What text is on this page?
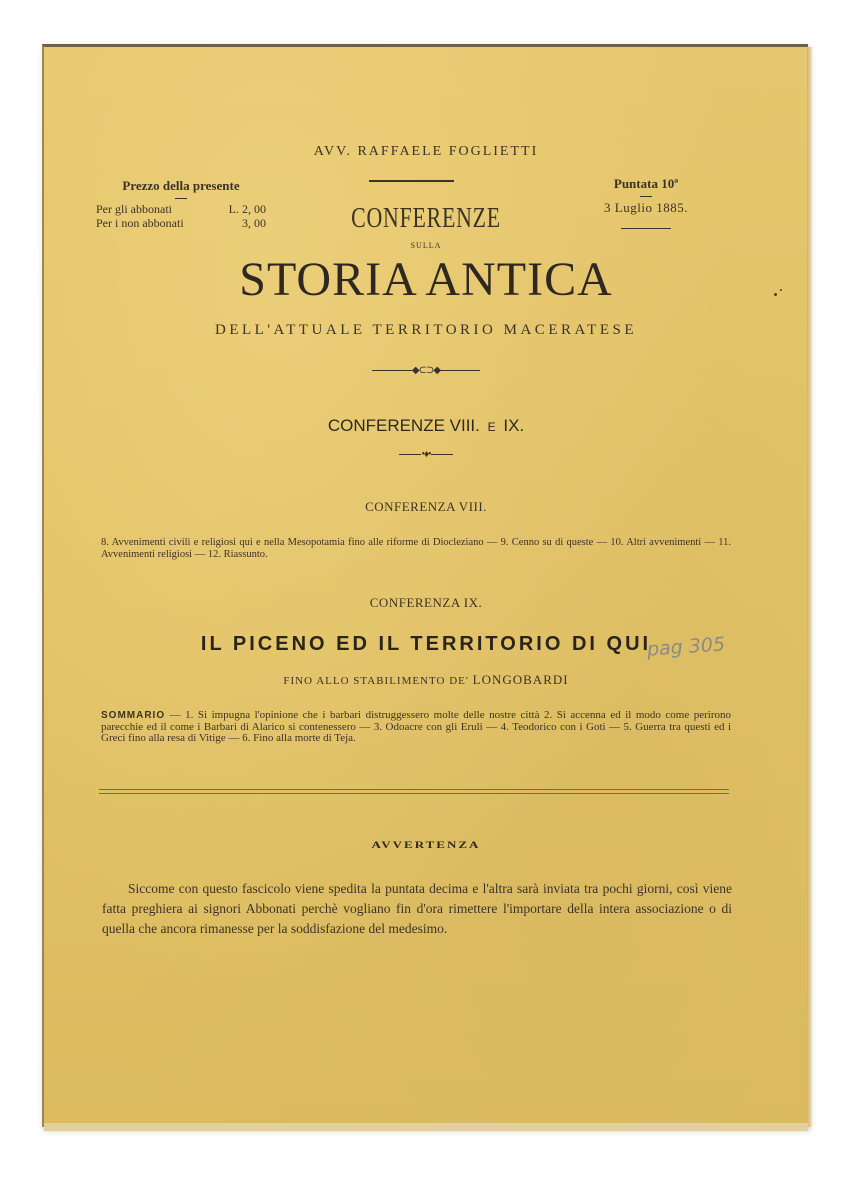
AVV. RAFFAELE FOGLIETTI
Prezzo della presente
Per gli abbonati	L. 2, 00
Per i non abbonati	3, 00
Puntata 10ª
3 Luglio 1885.
CONFERENZE
SULLA
STORIA ANTICA
DELL'ATTUALE TERRITORIO MACERATESE
◆⊂⊃◆
CONFERENZE VIII. E IX.
•♦•
CONFERENZA VIII.
8. Avvenimenti civili e religiosi qui e nella Mesopotamia fino alle riforme di Diocleziano — 9. Cenno su di queste — 10. Altri avvenimenti — 11. Avvenimenti religiosi — 12. Riassunto.
CONFERENZA IX.
IL PICENO ED IL TERRITORIO DI QUI
pag 305
FINO ALLO STABILIMENTO DE' LONGOBARDI
SOMMARIO — 1. Si impugna l'opinione che i barbari distruggessero molte delle nostre città 2. Si accenna ed il modo come perirono parecchie ed il come i Barbari di Alarico si contenessero — 3. Odoacre con gli Eruli — 4. Teodorico con i Goti — 5. Guerra tra questi ed i Greci fino alla resa di Vitige — 6. Fino alla morte di Teja.
AVVERTENZA
Siccome con questo fascicolo viene spedita la puntata decima e l'altra sarà inviata tra pochi giorni, così viene fatta preghiera ai signori Abbonati perchè vogliano fin d'ora rimettere l'importare della intera associazione o di quella che ancora rimanesse per la soddisfazione del medesimo.
